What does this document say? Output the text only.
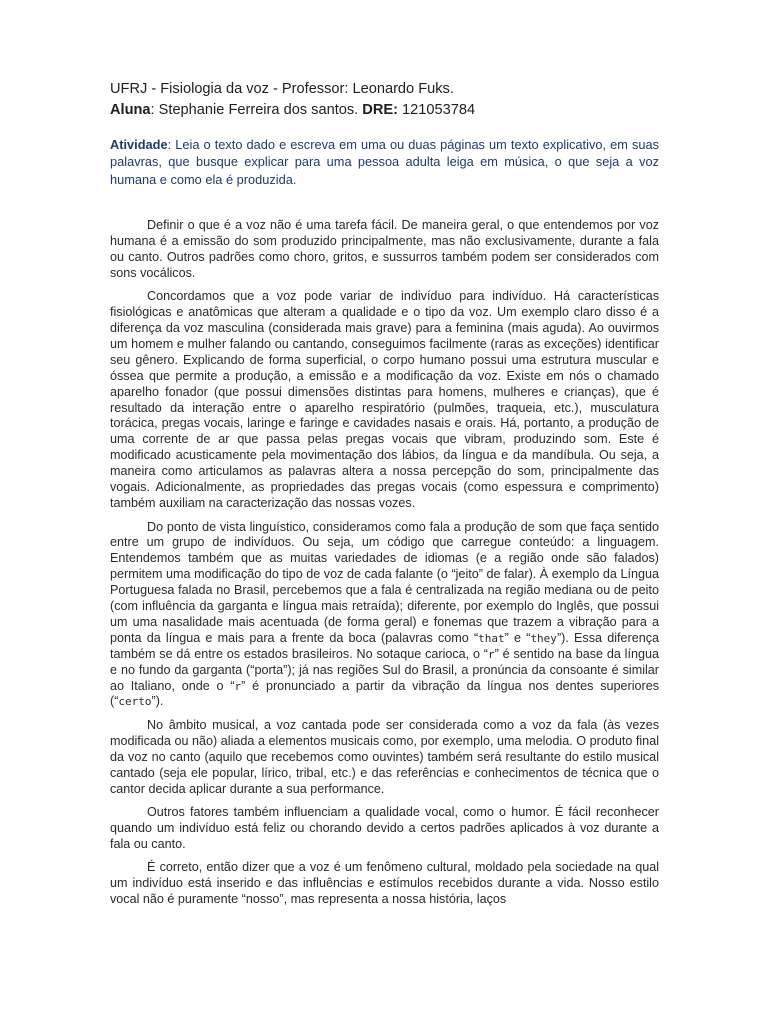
UFRJ - Fisiologia da voz - Professor: Leonardo Fuks.
Aluna: Stephanie Ferreira dos santos. DRE: 121053784
Atividade: Leia o texto dado e escreva em uma ou duas páginas um texto explicativo, em suas palavras, que busque explicar para uma pessoa adulta leiga em música, o que seja a voz humana e como ela é produzida.

Definir o que é a voz não é uma tarefa fácil. De maneira geral, o que entendemos por voz humana é a emissão do som produzido principalmente, mas não exclusivamente, durante a fala ou canto. Outros padrões como choro, gritos, e sussurros também podem ser considerados com sons vocálicos.

Concordamos que a voz pode variar de indivíduo para indivíduo. Há características fisiológicas e anatômicas que alteram a qualidade e o tipo da voz. Um exemplo claro disso é a diferença da voz masculina (considerada mais grave) para a feminina (mais aguda). Ao ouvirmos um homem e mulher falando ou cantando, conseguimos facilmente (raras as exceções) identificar seu gênero. Explicando de forma superficial, o corpo humano possui uma estrutura muscular e óssea que permite a produção, a emissão e a modificação da voz. Existe em nós o chamado aparelho fonador (que possui dimensões distintas para homens, mulheres e crianças), que é resultado da interação entre o aparelho respiratório (pulmões, traqueia, etc.), musculatura torácica, pregas vocais, laringe e faringe e cavidades nasais e orais. Há, portanto, a produção de uma corrente de ar que passa pelas pregas vocais que vibram, produzindo som. Este é modificado acusticamente pela movimentação dos lábios, da língua e da mandíbula. Ou seja, a maneira como articulamos as palavras altera a nossa percepção do som, principalmente das vogais. Adicionalmente, as propriedades das pregas vocais (como espessura e comprimento) também auxiliam na caracterização das nossas vozes.

Do ponto de vista linguístico, consideramos como fala a produção de som que faça sentido entre um grupo de indivíduos. Ou seja, um código que carregue conteúdo: a linguagem. Entendemos também que as muitas variedades de idiomas (e a região onde são falados) permitem uma modificação do tipo de voz de cada falante (o “jeito” de falar). À exemplo da Língua Portuguesa falada no Brasil, percebemos que a fala é centralizada na região mediana ou de peito (com influência da garganta e língua mais retraída); diferente, por exemplo do Inglês, que possui um uma nasalidade mais acentuada (de forma geral) e fonemas que trazem a vibração para a ponta da língua e mais para a frente da boca (palavras como “that” e “they”). Essa diferença também se dá entre os estados brasileiros. No sotaque carioca, o “r” é sentido na base da língua e no fundo da garganta (“porta”); já nas regiões Sul do Brasil, a pronúncia da consoante é similar ao Italiano, onde o “r” é pronunciado a partir da vibração da língua nos dentes superiores (“certo”).

No âmbito musical, a voz cantada pode ser considerada como a voz da fala (às vezes modificada ou não) aliada a elementos musicais como, por exemplo, uma melodia. O produto final da voz no canto (aquilo que recebemos como ouvintes) também será resultante do estilo musical cantado (seja ele popular, lírico, tribal, etc.) e das referências e conhecimentos de técnica que o cantor decida aplicar durante a sua performance.

Outros fatores também influenciam a qualidade vocal, como o humor. É fácil reconhecer quando um indivíduo está feliz ou chorando devido a certos padrões aplicados à voz durante a fala ou canto.

É correto, então dizer que a voz é um fenômeno cultural, moldado pela sociedade na qual um indivíduo está inserido e das influências e estímulos recebidos durante a vida. Nosso estilo vocal não é puramente “nosso”, mas representa a nossa história, laços
